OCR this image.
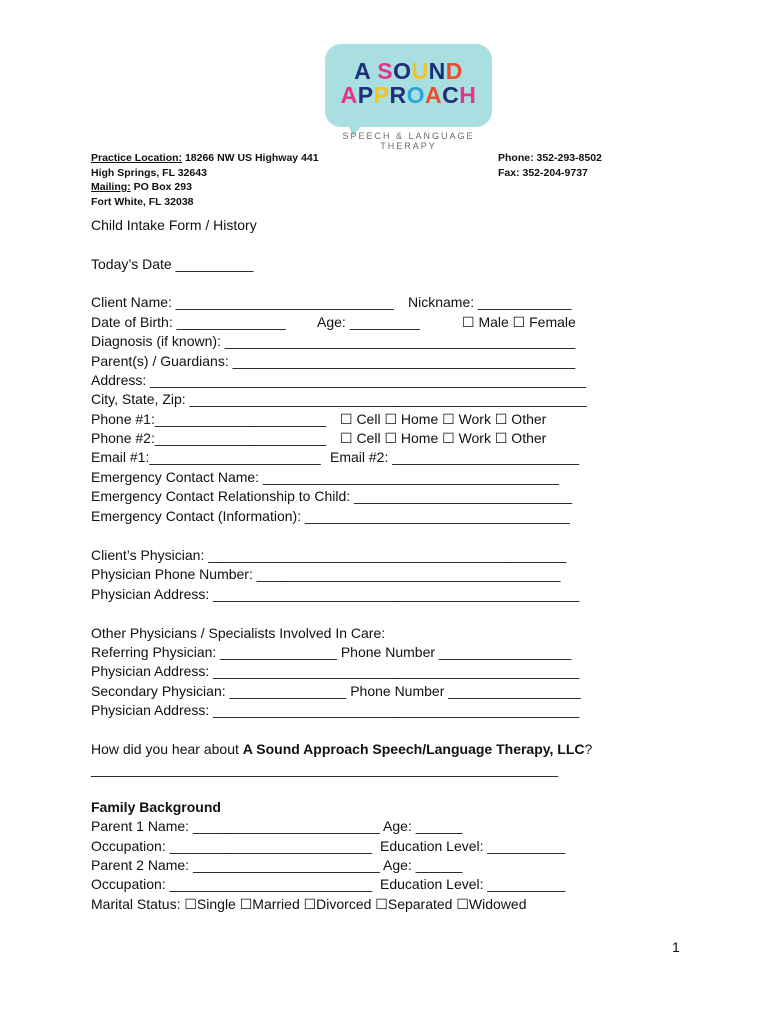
A SOUND
APPROACH
SPEECH & LANGUAGE THERAPY
Practice Location: 18266 NW US Highway 441
High Springs, FL 32643
Mailing: PO Box 293
Fort White, FL 32038
Phone: 352-293-8502
Fax: 352-204-9737
Child Intake Form / History
Today’s Date __________
Client Name: ____________________________ Nickname: ____________
Date of Birth: ______________ Age: _________	☐ Male ☐ Female
Diagnosis (if known): _____________________________________________
Parent(s) / Guardians: ____________________________________________
Address: ________________________________________________________
City, State, Zip: ___________________________________________________
Phone #1:______________________ ☐ Cell ☐ Home ☐ Work ☐ Other
Phone #2:______________________ ☐ Cell ☐ Home ☐ Work ☐ Other
Email #1:______________________ Email #2: ________________________
Emergency Contact Name: ______________________________________
Emergency Contact Relationship to Child: ____________________________
Emergency Contact (Information): __________________________________
Client’s Physician: ______________________________________________
Physician Phone Number: _______________________________________
Physician Address: _______________________________________________
Other Physicians / Specialists Involved In Care:
Referring Physician: _______________ Phone Number _________________
Physician Address: _______________________________________________
Secondary Physician: _______________ Phone Number _________________
Physician Address: _______________________________________________
How did you hear about A Sound Approach Speech/Language Therapy, LLC?
____________________________________________________________
Family Background
Parent 1 Name: ________________________ Age: ______
Occupation: __________________________ Education Level: __________
Parent 2 Name: ________________________ Age: ______
Occupation: __________________________ Education Level: __________
Marital Status: ☐Single ☐Married ☐Divorced ☐Separated ☐Widowed
1
